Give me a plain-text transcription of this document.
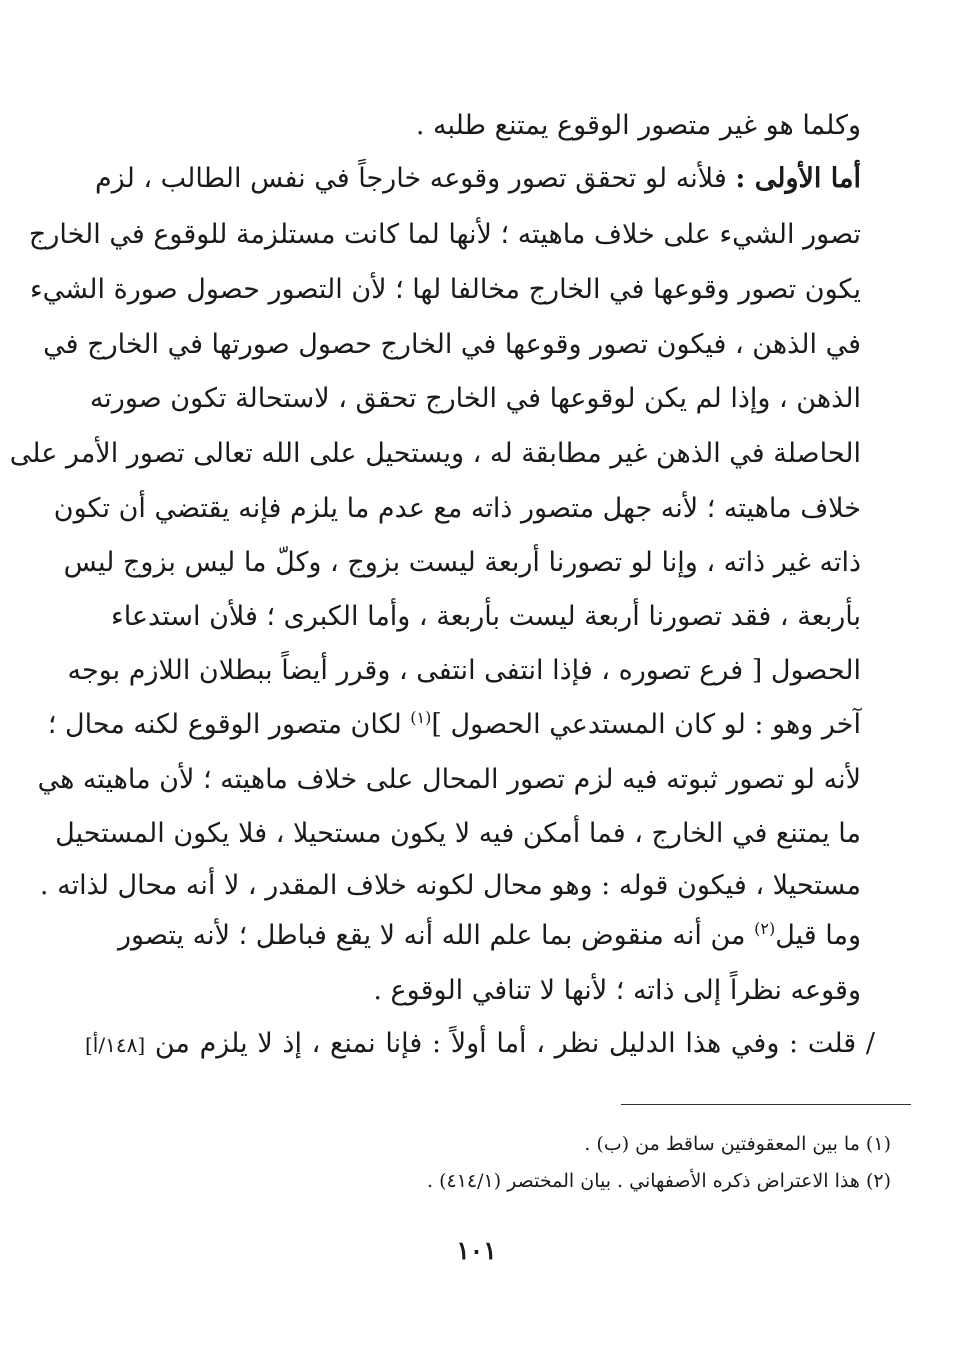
وكلما هو غير متصور الوقوع يمتنع طلبه .
أما الأولى : فلأنه لو تحقق تصور وقوعه خارجاً في نفس الطالب ، لزم
تصور الشيء على خلاف ماهيته ؛ لأنها لما كانت مستلزمة للوقوع في الخارج
يكون تصور وقوعها في الخارج مخالفا لها ؛ لأن التصور حصول صورة الشيء
في الذهن ، فيكون تصور وقوعها في الخارج حصول صورتها في الخارج في
الذهن ، وإذا لم يكن لوقوعها في الخارج تحقق ، لاستحالة تكون صورته
الحاصلة في الذهن غير مطابقة له ، ويستحيل على الله تعالى تصور الأمر على
خلاف ماهيته ؛ لأنه جهل متصور ذاته مع عدم ما يلزم فإنه يقتضي أن تكون
ذاته غير ذاته ، وإنا لو تصورنا أربعة ليست بزوج ، وكلّ ما ليس بزوج ليس
بأربعة ، فقد تصورنا أربعة ليست بأربعة ، وأما الكبرى ؛ فلأن استدعاء
الحصول [ فرع تصوره ، فإذا انتفى انتفى ، وقرر أيضاً ببطلان اللازم بوجه
آخر وهو : لو كان المستدعي الحصول ]$^{(١)}$ لكان متصور الوقوع لكنه محال ؛
لأنه لو تصور ثبوته فيه لزم تصور المحال على خلاف ماهيته ؛ لأن ماهيته هي
ما يمتنع في الخارج ، فما أمكن فيه لا يكون مستحيلا ، فلا يكون المستحيل
مستحيلا ، فيكون قوله : وهو محال لكونه خلاف المقدر ، لا أنه محال لذاته .
وقوعه نظراً إلى ذاته ؛ لأنها لا تنافي الوقوع .
وما قيل$^{(٢)}$ من أنه منقوض بما علم الله أنه لا يقع فباطل ؛ لأنه يتصور
/ قلت : وفي هذا الدليل نظر ، أما أولاً : فإنا نمنع ، إذ لا يلزم من [١٤٨/أ]
(١) ما بين المعقوفتين ساقط من (ب) .
(٢) هذا الاعتراض ذكره الأصفهاني . بيان المختصر (٤١٤/١) .
١٠١
